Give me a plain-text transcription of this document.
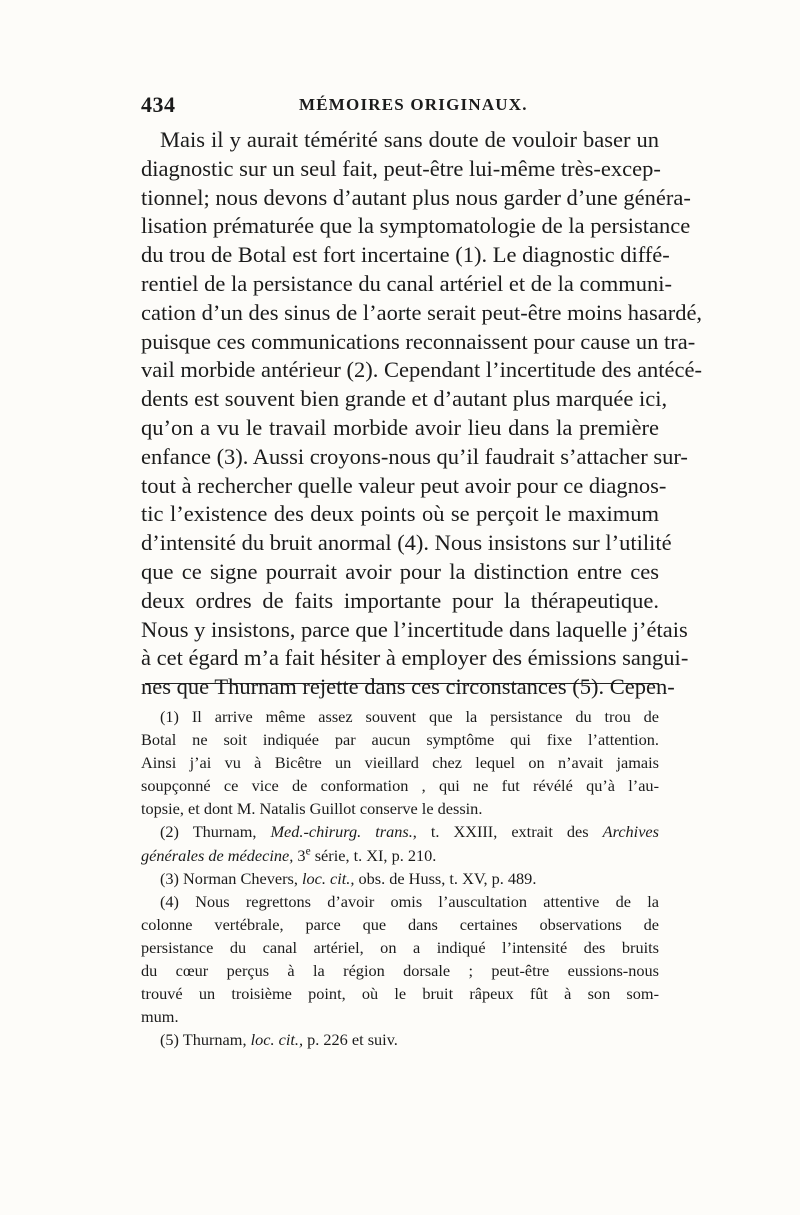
434	MÉMOIRES ORIGINAUX.
Mais il y aurait témérité sans doute de vouloir baser un
diagnostic sur un seul fait, peut-être lui-même très-excep-
tionnel; nous devons d’autant plus nous garder d’une généra-
lisation prématurée que la symptomatologie de la persistance
du trou de Botal est fort incertaine (1). Le diagnostic diffé-
rentiel de la persistance du canal artériel et de la communi-
cation d’un des sinus de l’aorte serait peut-être moins hasardé,
puisque ces communications reconnaissent pour cause un tra-
vail morbide antérieur (2). Cependant l’incertitude des antécé-
dents est souvent bien grande et d’autant plus marquée ici,
qu’on a vu le travail morbide avoir lieu dans la première
enfance (3). Aussi croyons-nous qu’il faudrait s’attacher sur-
tout à rechercher quelle valeur peut avoir pour ce diagnos-
tic l’existence des deux points où se perçoit le maximum
d’intensité du bruit anormal (4). Nous insistons sur l’utilité
que ce signe pourrait avoir pour la distinction entre ces
deux ordres de faits importante pour la thérapeutique.
Nous y insistons, parce que l’incertitude dans laquelle j’étais
à cet égard m’a fait hésiter à employer des émissions sangui-
nes que Thurnam rejette dans ces circonstances (5). Cepen-
(1) Il arrive même assez souvent que la persistance du trou de
Botal ne soit indiquée par aucun symptôme qui fixe l’attention.
Ainsi j’ai vu à Bicêtre un vieillard chez lequel on n’avait jamais
soupçonné ce vice de conformation , qui ne fut révélé qu’à l’au-
topsie, et dont M. Natalis Guillot conserve le dessin.
(2) Thurnam, Med.-chirurg. trans., t. XXIII, extrait des Archives
générales de médecine, 3e série, t. XI, p. 210.
(3) Norman Chevers, loc. cit., obs. de Huss, t. XV, p. 489.
(4) Nous regrettons d’avoir omis l’auscultation attentive de la
colonne vertébrale, parce que dans certaines observations de
persistance du canal artériel, on a indiqué l’intensité des bruits
du cœur perçus à la région dorsale ; peut-être eussions-nous
trouvé un troisième point, où le bruit râpeux fût à son som-
mum.
(5) Thurnam, loc. cit., p. 226 et suiv.
